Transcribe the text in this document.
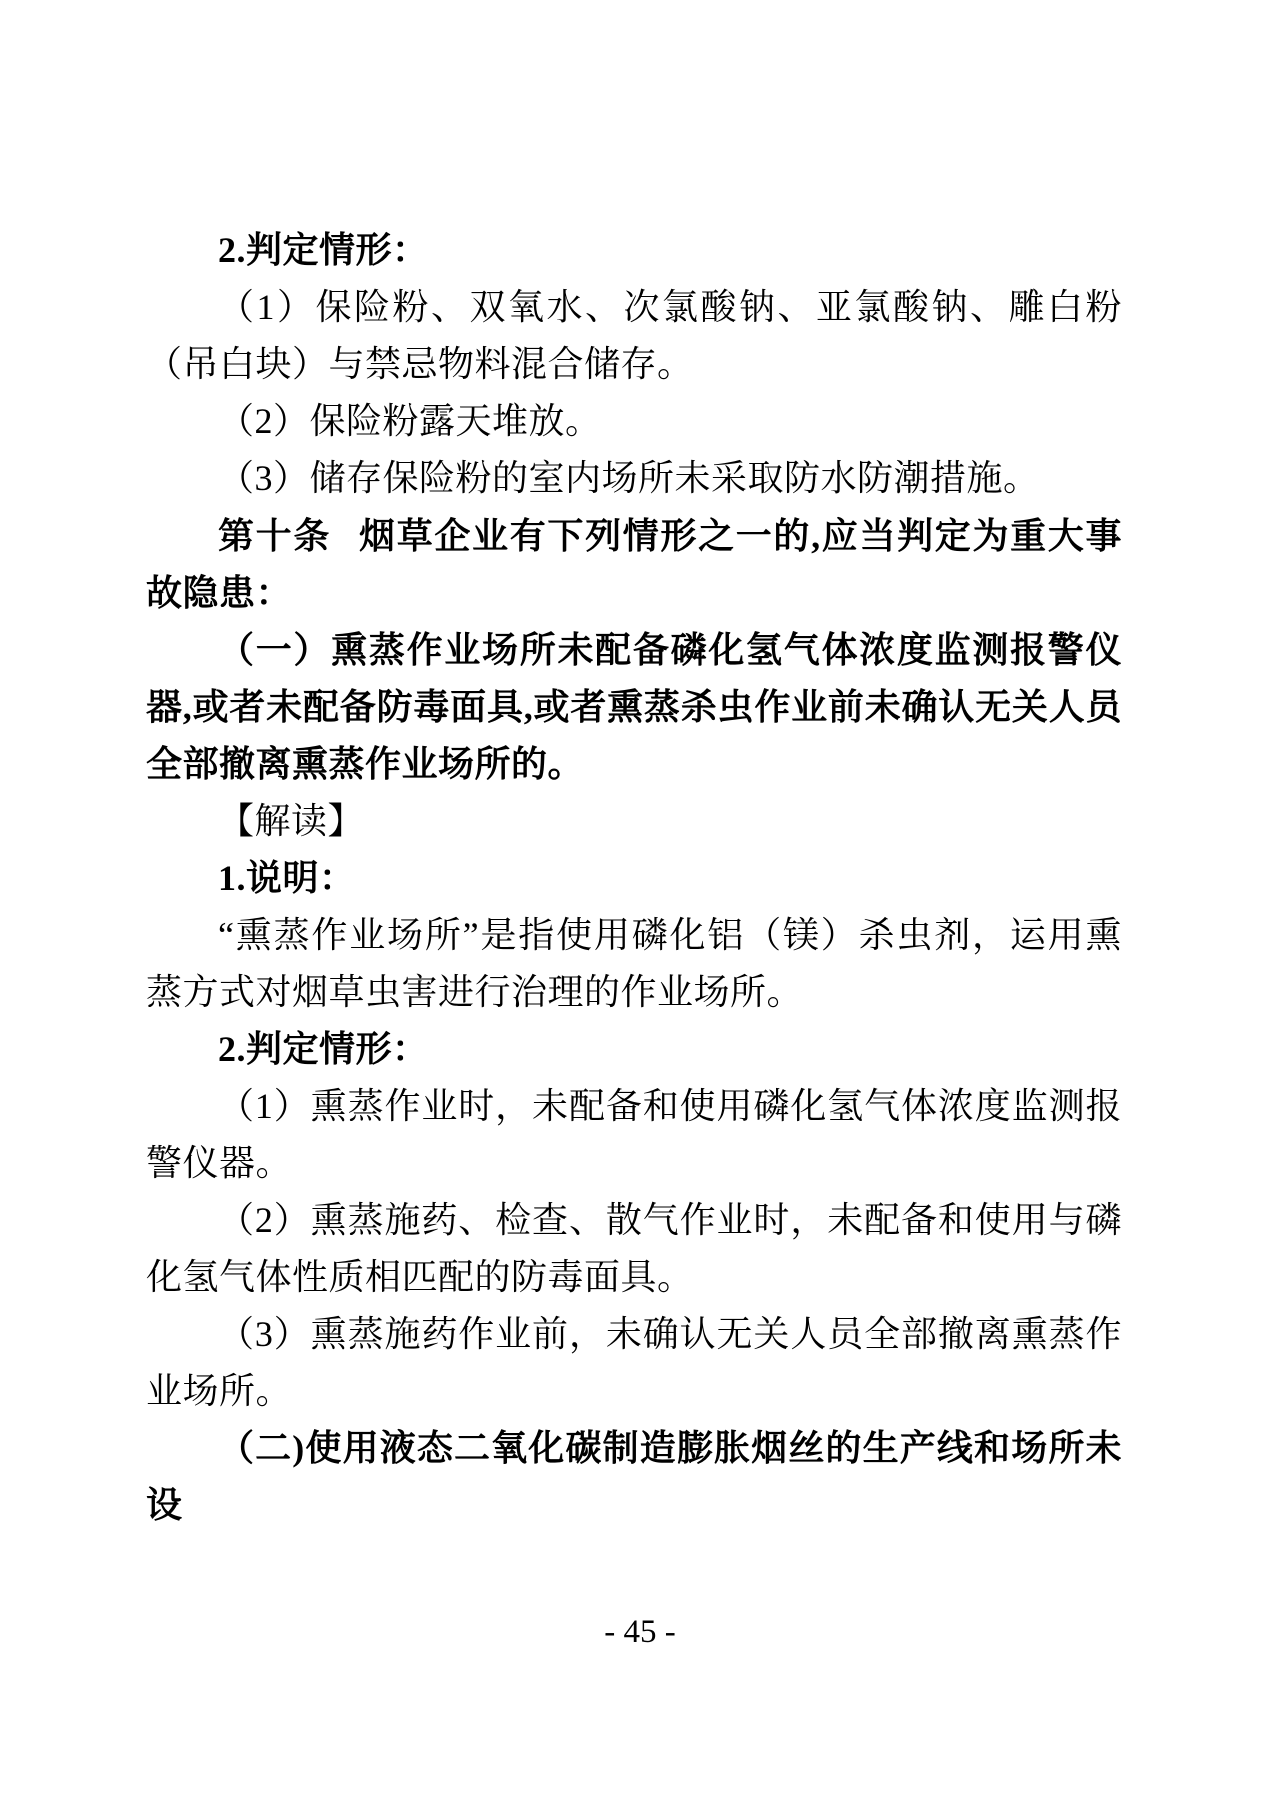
2.判定情形：

（1）保险粉、双氧水、次氯酸钠、亚氯酸钠、雕白粉（吊白块）与禁忌物料混合储存。

（2）保险粉露天堆放。

（3）储存保险粉的室内场所未采取防水防潮措施。

第十条 烟草企业有下列情形之一的,应当判定为重大事故隐患：

（一）熏蒸作业场所未配备磷化氢气体浓度监测报警仪器,或者未配备防毒面具,或者熏蒸杀虫作业前未确认无关人员全部撤离熏蒸作业场所的。

【解读】

1.说明：

“熏蒸作业场所”是指使用磷化铝（镁）杀虫剂，运用熏蒸方式对烟草虫害进行治理的作业场所。

2.判定情形：

（1）熏蒸作业时，未配备和使用磷化氢气体浓度监测报警仪器。

（2）熏蒸施药、检查、散气作业时，未配备和使用与磷化氢气体性质相匹配的防毒面具。

（3）熏蒸施药作业前，未确认无关人员全部撤离熏蒸作业场所。

（二)使用液态二氧化碳制造膨胀烟丝的生产线和场所未设

- 45 -
